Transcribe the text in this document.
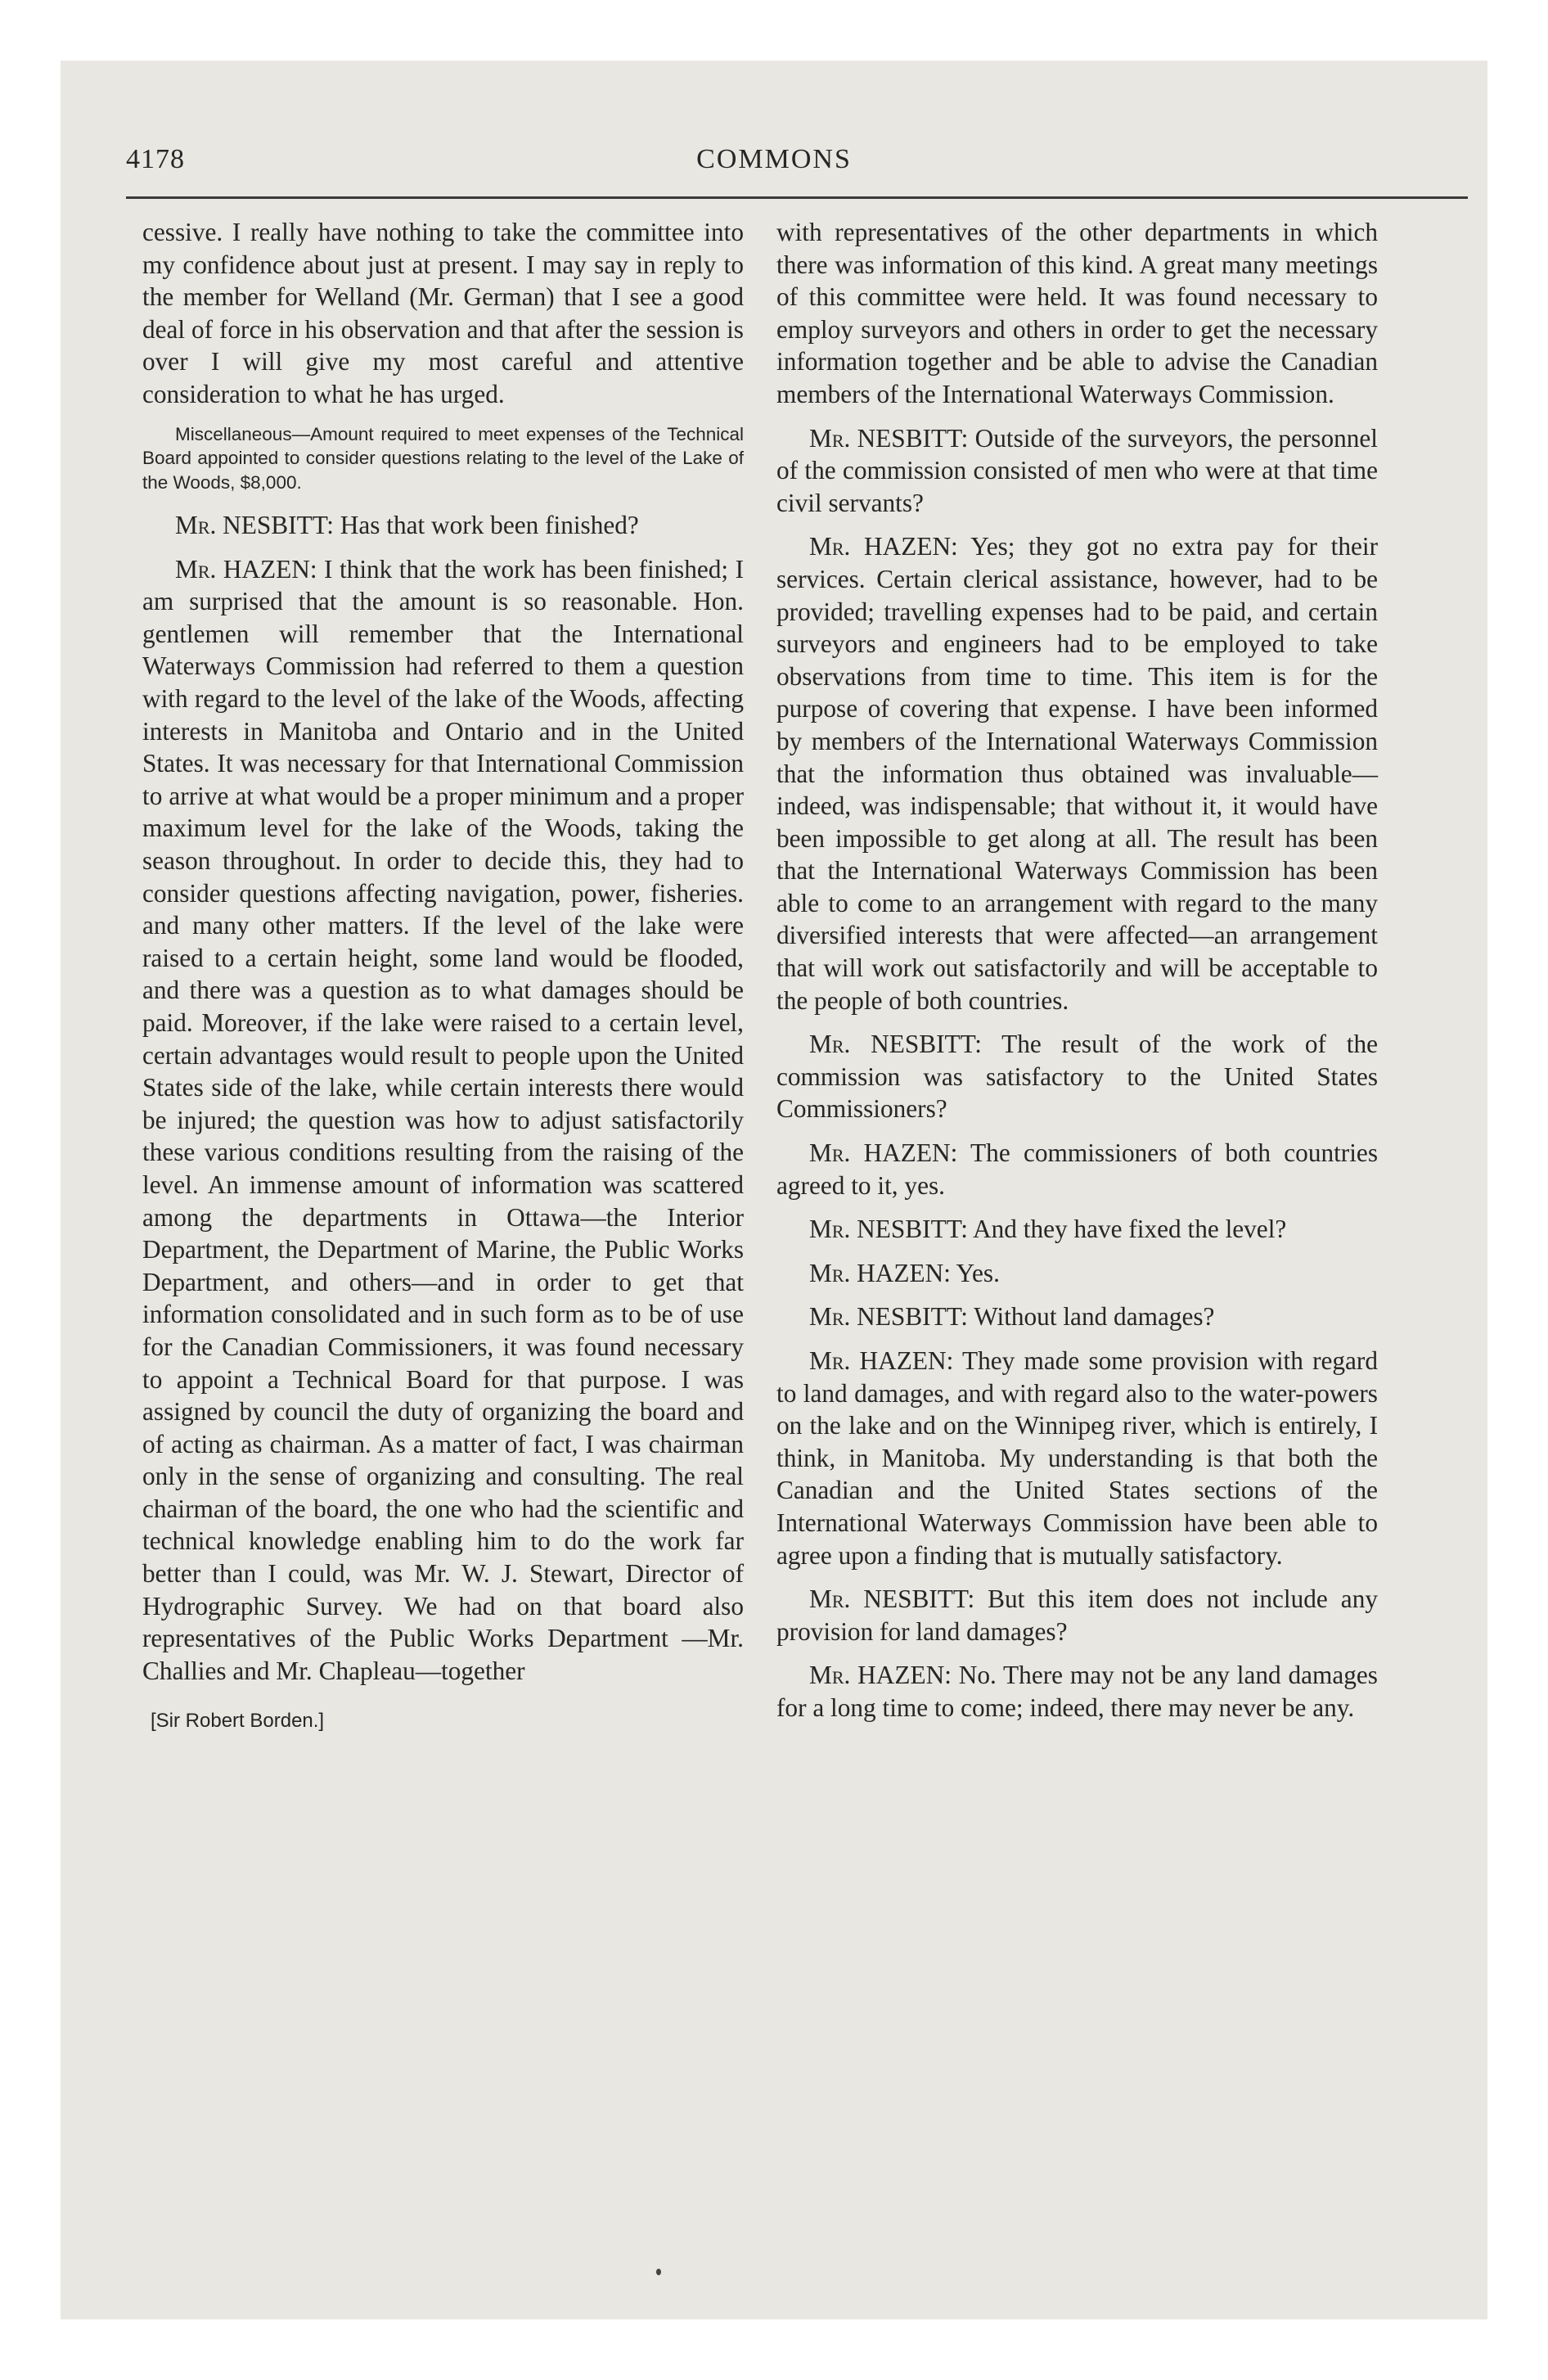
4178	COMMONS

cessive. I really have nothing to take the committee into my confidence about just at present. I may say in reply to the member for Welland (Mr. German) that I see a good deal of force in his observation and that after the session is over I will give my most careful and attentive consideration to what he has urged.

Miscellaneous—Amount required to meet expenses of the Technical Board appointed to consider questions relating to the level of the Lake of the Woods, $8,000.

Mr. NESBITT: Has that work been finished?

Mr. HAZEN: I think that the work has been finished; I am surprised that the amount is so reasonable. Hon. gentlemen will remember that the International Waterways Commission had referred to them a question with regard to the level of the lake of the Woods, affecting interests in Manitoba and Ontario and in the United States. It was necessary for that International Commission to arrive at what would be a proper minimum and a proper maximum level for the lake of the Woods, taking the season throughout. In order to decide this, they had to consider questions affecting navigation, power, fisheries. and many other matters. If the level of the lake were raised to a certain height, some land would be flooded, and there was a question as to what damages should be paid. Moreover, if the lake were raised to a certain level, certain advantages would result to people upon the United States side of the lake, while certain interests there would be injured; the question was how to adjust satisfactorily these various conditions resulting from the raising of the level. An immense amount of information was scattered among the departments in Ottawa—the Interior Department, the Department of Marine, the Public Works Department, and others—and in order to get that information consolidated and in such form as to be of use for the Canadian Commissioners, it was found necessary to appoint a Technical Board for that purpose. I was assigned by council the duty of organizing the board and of acting as chairman. As a matter of fact, I was chairman only in the sense of organizing and consulting. The real chairman of the board, the one who had the scientific and technical knowledge enabling him to do the work far better than I could, was Mr. W. J. Stewart, Director of Hydrographic Survey. We had on that board also representatives of the Public Works Department —Mr. Challies and Mr. Chapleau—together

[Sir Robert Borden.]

with representatives of the other departments in which there was information of this kind. A great many meetings of this committee were held. It was found necessary to employ surveyors and others in order to get the necessary information together and be able to advise the Canadian members of the International Waterways Commission.

Mr. NESBITT: Outside of the surveyors, the personnel of the commission consisted of men who were at that time civil servants?

Mr. HAZEN: Yes; they got no extra pay for their services. Certain clerical assistance, however, had to be provided; travelling expenses had to be paid, and certain surveyors and engineers had to be employed to take observations from time to time. This item is for the purpose of covering that expense. I have been informed by members of the International Waterways Commission that the information thus obtained was invaluable—indeed, was indispensable; that without it, it would have been impossible to get along at all. The result has been that the International Waterways Commission has been able to come to an arrangement with regard to the many diversified interests that were affected—an arrangement that will work out satisfactorily and will be acceptable to the people of both countries.

Mr. NESBITT: The result of the work of the commission was satisfactory to the United States Commissioners?

Mr. HAZEN: The commissioners of both countries agreed to it, yes.

Mr. NESBITT: And they have fixed the level?

Mr. HAZEN: Yes.

Mr. NESBITT: Without land damages?

Mr. HAZEN: They made some provision with regard to land damages, and with regard also to the water-powers on the lake and on the Winnipeg river, which is entirely, I think, in Manitoba. My understanding is that both the Canadian and the United States sections of the International Waterways Commission have been able to agree upon a finding that is mutually satisfactory.

Mr. NESBITT: But this item does not include any provision for land damages?

Mr. HAZEN: No. There may not be any land damages for a long time to come; indeed, there may never be any.
